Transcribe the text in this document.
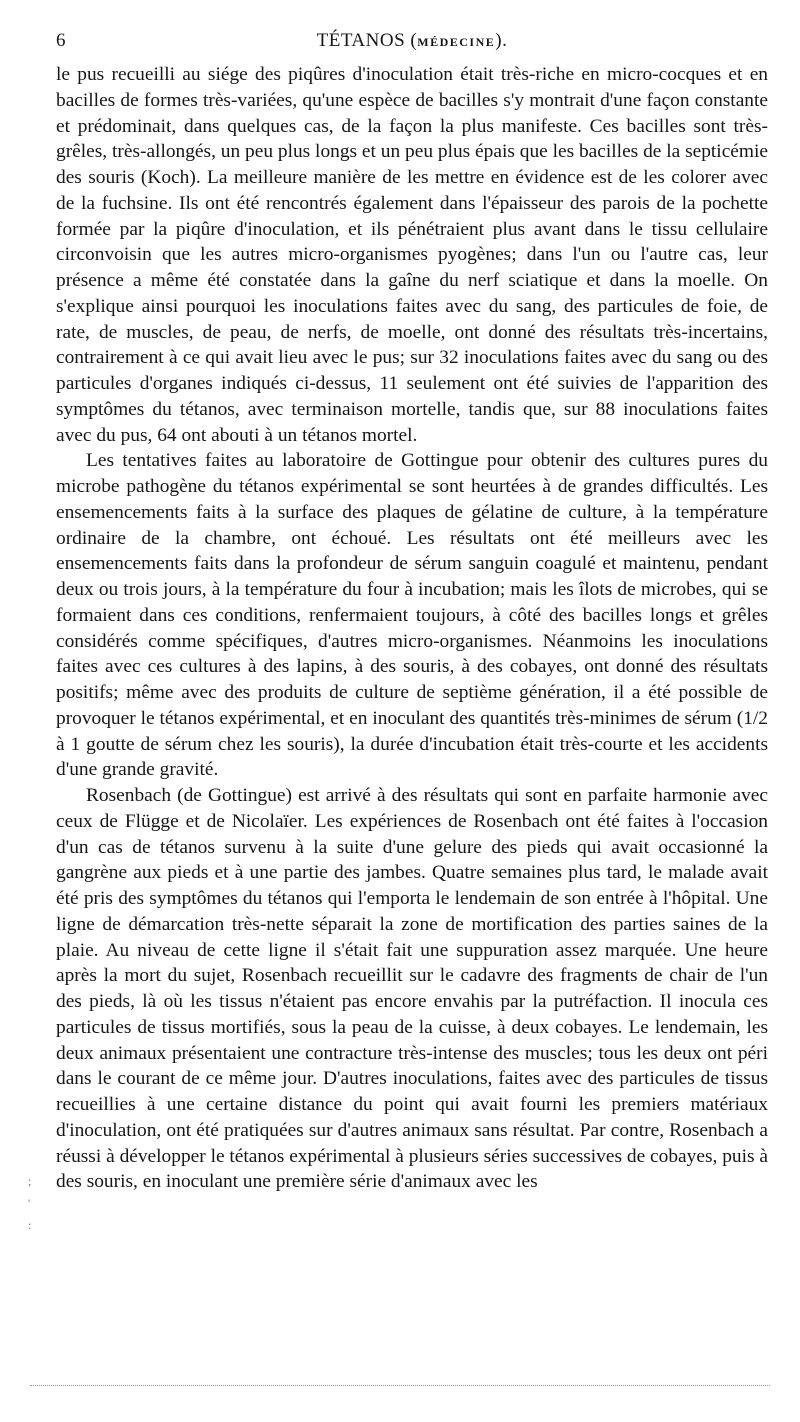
6	TÉTANOS (MÉDECINE).

le pus recueilli au siége des piqûres d'inoculation était très-riche en micro-cocques et en bacilles de formes très-variées, qu'une espèce de bacilles s'y montrait d'une façon constante et prédominait, dans quelques cas, de la façon la plus manifeste. Ces bacilles sont très-grêles, très-allongés, un peu plus longs et un peu plus épais que les bacilles de la septicémie des souris (Koch). La meilleure manière de les mettre en évidence est de les colorer avec de la fuchsine. Ils ont été rencontrés également dans l'épaisseur des parois de la pochette formée par la piqûre d'inoculation, et ils pénétraient plus avant dans le tissu cellulaire circonvoisin que les autres micro-organismes pyogènes; dans l'un ou l'autre cas, leur présence a même été constatée dans la gaîne du nerf sciatique et dans la moelle. On s'explique ainsi pourquoi les inoculations faites avec du sang, des particules de foie, de rate, de muscles, de peau, de nerfs, de moelle, ont donné des résultats très-incertains, contrairement à ce qui avait lieu avec le pus; sur 32 inoculations faites avec du sang ou des particules d'organes indiqués ci-dessus, 11 seulement ont été suivies de l'apparition des symptômes du tétanos, avec terminaison mortelle, tandis que, sur 88 inoculations faites avec du pus, 64 ont abouti à un tétanos mortel.

Les tentatives faites au laboratoire de Gottingue pour obtenir des cultures pures du microbe pathogène du tétanos expérimental se sont heurtées à de grandes difficultés. Les ensemencements faits à la surface des plaques de gélatine de culture, à la température ordinaire de la chambre, ont échoué. Les résultats ont été meilleurs avec les ensemencements faits dans la profondeur de sérum sanguin coagulé et maintenu, pendant deux ou trois jours, à la température du four à incubation; mais les îlots de microbes, qui se formaient dans ces conditions, renfermaient toujours, à côté des bacilles longs et grêles considérés comme spécifiques, d'autres micro-organismes. Néanmoins les inoculations faites avec ces cultures à des lapins, à des souris, à des cobayes, ont donné des résultats positifs; même avec des produits de culture de septième génération, il a été possible de provoquer le tétanos expérimental, et en inoculant des quantités très-minimes de sérum (1/2 à 1 goutte de sérum chez les souris), la durée d'incubation était très-courte et les accidents d'une grande gravité.

Rosenbach (de Gottingue) est arrivé à des résultats qui sont en parfaite harmonie avec ceux de Flügge et de Nicolaïer. Les expériences de Rosenbach ont été faites à l'occasion d'un cas de tétanos survenu à la suite d'une gelure des pieds qui avait occasionné la gangrène aux pieds et à une partie des jambes. Quatre semaines plus tard, le malade avait été pris des symptômes du tétanos qui l'emporta le lendemain de son entrée à l'hôpital. Une ligne de démarcation très-nette séparait la zone de mortification des parties saines de la plaie. Au niveau de cette ligne il s'était fait une suppuration assez marquée. Une heure après la mort du sujet, Rosenbach recueillit sur le cadavre des fragments de chair de l'un des pieds, là où les tissus n'étaient pas encore envahis par la putréfaction. Il inocula ces particules de tissus mortifiés, sous la peau de la cuisse, à deux cobayes. Le lendemain, les deux animaux présentaient une contracture très-intense des muscles; tous les deux ont péri dans le courant de ce même jour. D'autres inoculations, faites avec des particules de tissus recueillies à une certaine distance du point qui avait fourni les premiers matériaux d'inoculation, ont été pratiquées sur d'autres animaux sans résultat. Par contre, Rosenbach a réussi à développer le tétanos expérimental à plusieurs séries successives de cobayes, puis à des souris, en inoculant une première série d'animaux avec les

;
'
:
